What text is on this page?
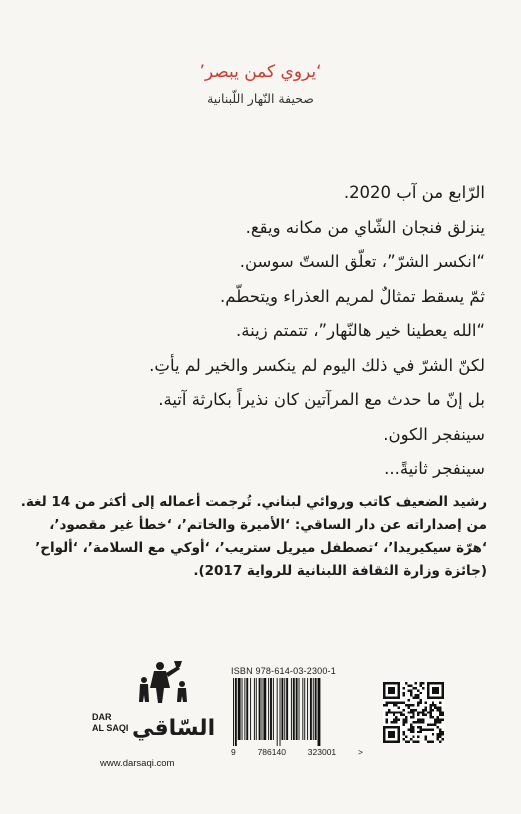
‘يروي كمن يبصر’
صحيفة النّهار اللّبنانية
الرّابع من آب 2020.
ينزلق فنجان الشّاي من مكانه ويقع.
“انكسر الشرّ”، تعلّق الستّ سوسن.
ثمّ يسقط تمثالٌ لمريم العذراء ويتحطّم.
“الله يعطينا خير هالنّهار”، تتمتم زينة.
لكنّ الشرّ في ذلك اليوم لم ينكسر والخير لم يأتِ.
بل إنّ ما حدث مع المرآتين كان نذيراً بكارثة آتية.
سينفجر الكون.
سينفجر ثانيةً...
رشيد الضعيف كاتب وروائي لبناني. تُرجمت أعماله إلى أكثر من 14 لغة.
من إصداراته عن دار الساقي: ‘الأميرة والخاتم’، ‘خطأ غير مقصود’،
‘هرّة سيكيريدا’، ‘تصطفل ميريل ستريب’، ‘أوكي مع السلامة’، ‘ألواح’
(جائزة وزارة الثقافة اللبنانية للرواية 2017).
DAR
AL SAQI السّاقي
www.darsaqi.com
ISBN 978-614-03-2300-1
9	786140	323001	>
